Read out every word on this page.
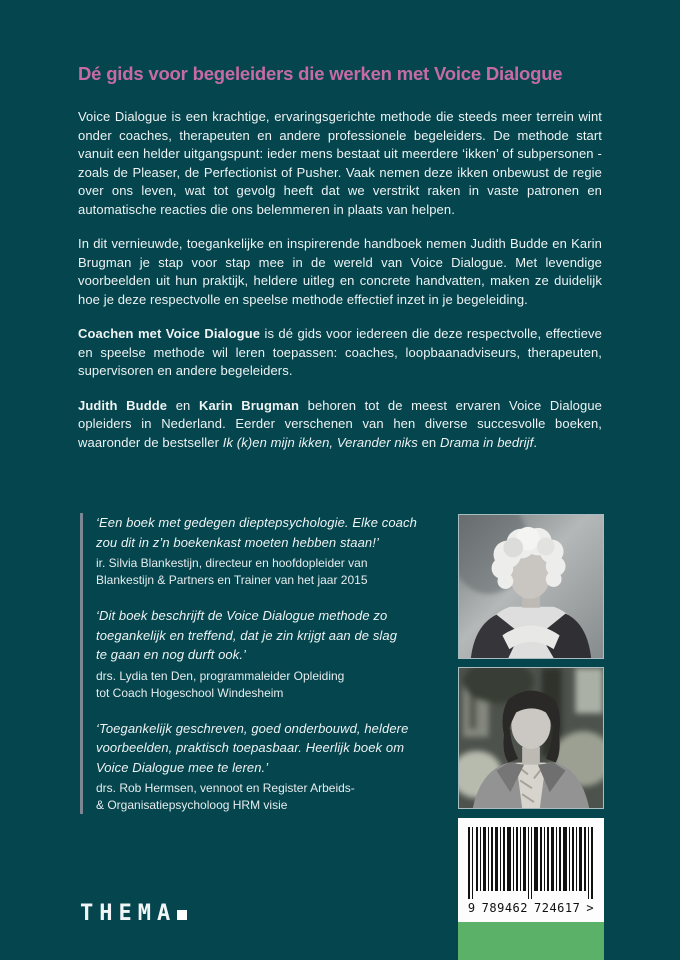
Dé gids voor begeleiders die werken met Voice Dialogue

Voice Dialogue is een krachtige, ervaringsgerichte methode die steeds meer terrein wint onder coaches, therapeuten en andere professionele begeleiders. De methode start vanuit een helder uitgangspunt: ieder mens bestaat uit meerdere ‘ikken’ of subpersonen - zoals de Pleaser, de Perfectionist of Pusher. Vaak nemen deze ikken onbewust de regie over ons leven, wat tot gevolg heeft dat we verstrikt raken in vaste patronen en automatische reacties die ons belemmeren in plaats van helpen.

In dit vernieuwde, toegankelijke en inspirerende handboek nemen Judith Budde en Karin Brugman je stap voor stap mee in de wereld van Voice Dialogue. Met levendige voorbeelden uit hun praktijk, heldere uitleg en concrete handvatten, maken ze duidelijk hoe je deze respectvolle en speelse methode effectief inzet in je begeleiding.

Coachen met Voice Dialogue is dé gids voor iedereen die deze respectvolle, effectieve en speelse methode wil leren toepassen: coaches, loopbaanadviseurs, therapeuten, supervisoren en andere begeleiders.

Judith Budde en Karin Brugman behoren tot de meest ervaren Voice Dialogue opleiders in Nederland. Eerder verschenen van hen diverse succesvolle boeken, waaronder de bestseller Ik (k)en mijn ikken, Verander niks en Drama in bedrijf.

‘Een boek met gedegen dieptepsychologie. Elke coach
zou dit in z’n boekenkast moeten hebben staan!’
ir. Silvia Blankestijn, directeur en hoofdopleider van
Blankestijn & Partners en Trainer van het jaar 2015
‘Dit boek beschrijft de Voice Dialogue methode zo
toegankelijk en treffend, dat je zin krijgt aan de slag
te gaan en nog durft ook.’
drs. Lydia ten Den, programmaleider Opleiding
tot Coach Hogeschool Windesheim
‘Toegankelijk geschreven, goed onderbouwd, heldere
voorbeelden, praktisch toepasbaar. Heerlijk boek om
Voice Dialogue mee te leren.’
drs. Rob Hermsen, vennoot en Register Arbeids-
& Organisatiepsycholoog HRM visie
9 789462 724617 >
THEMA
